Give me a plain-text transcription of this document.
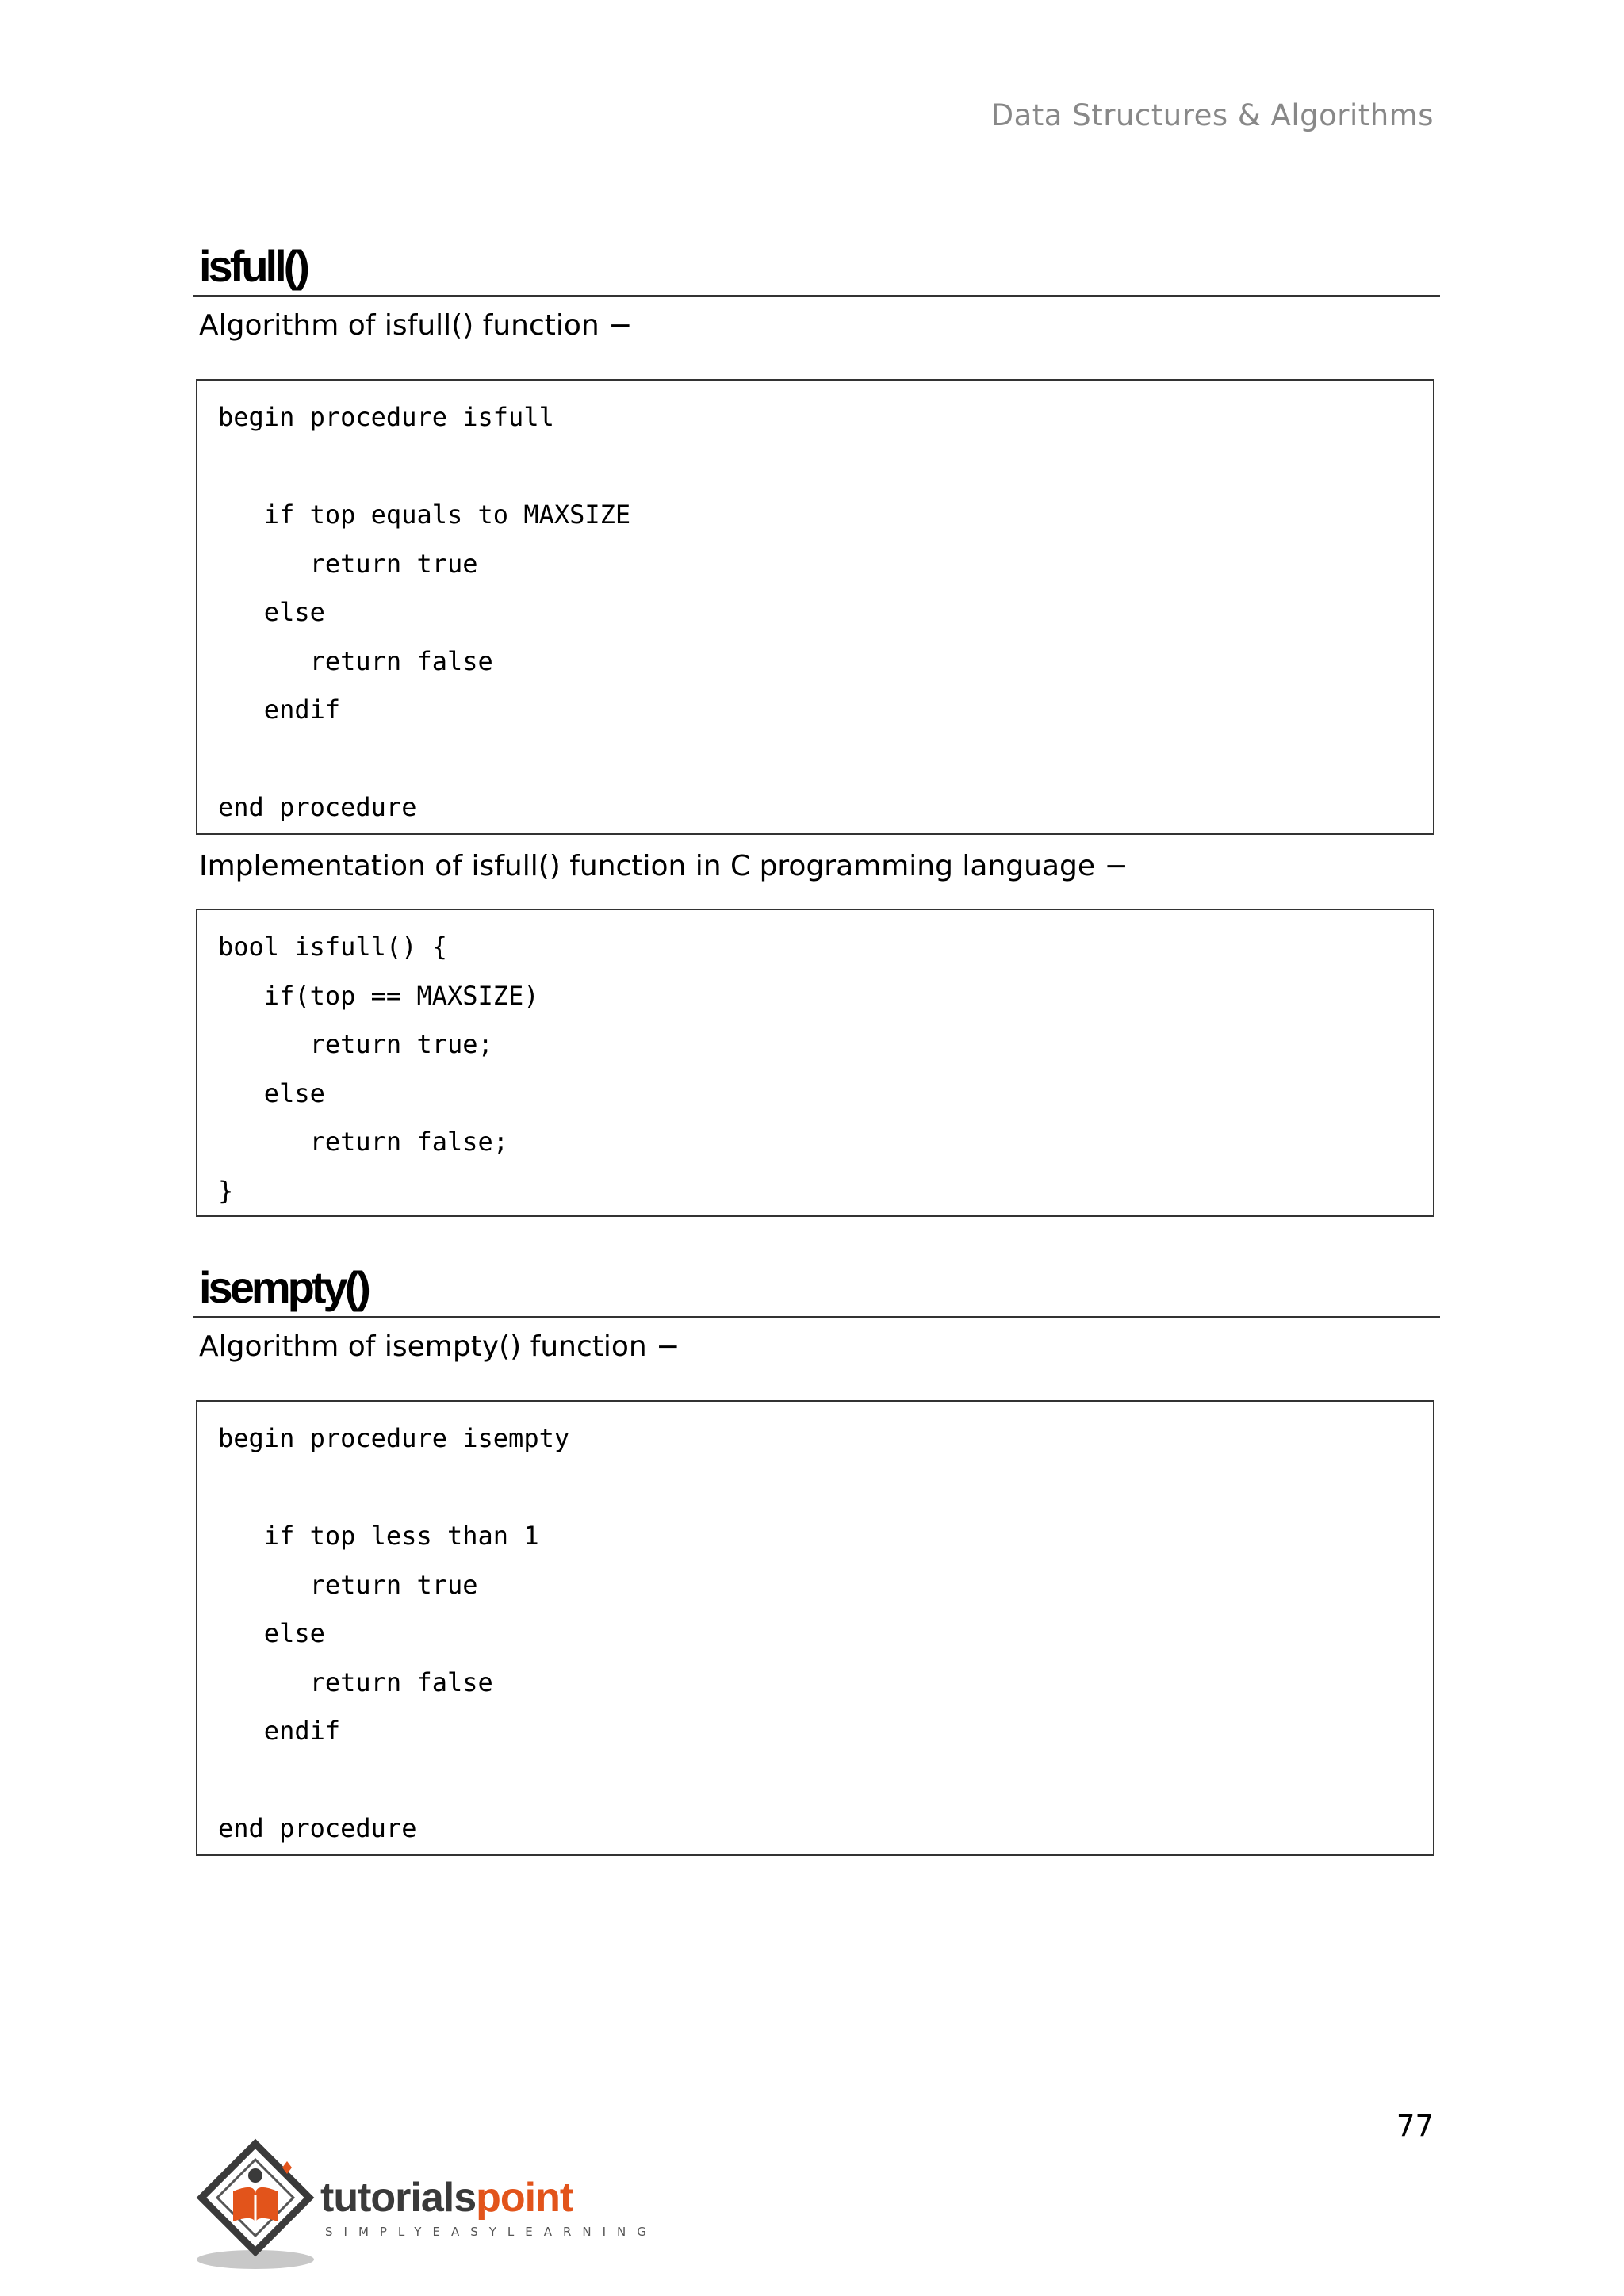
Data Structures & Algorithms
isfull()
Algorithm of isfull() function −
begin procedure isfull
if top equals to MAXSIZE
return true
else
return false
endif
end procedure
Implementation of isfull() function in C programming language −
bool isfull() {
if(top == MAXSIZE)
return true;
else
return false;
}
isempty()
Algorithm of isempty() function −
begin procedure isempty
if top less than 1
return true
else
return false
endif
end procedure
77
tutorialspoint
SIMPLYEASYLEARNING
